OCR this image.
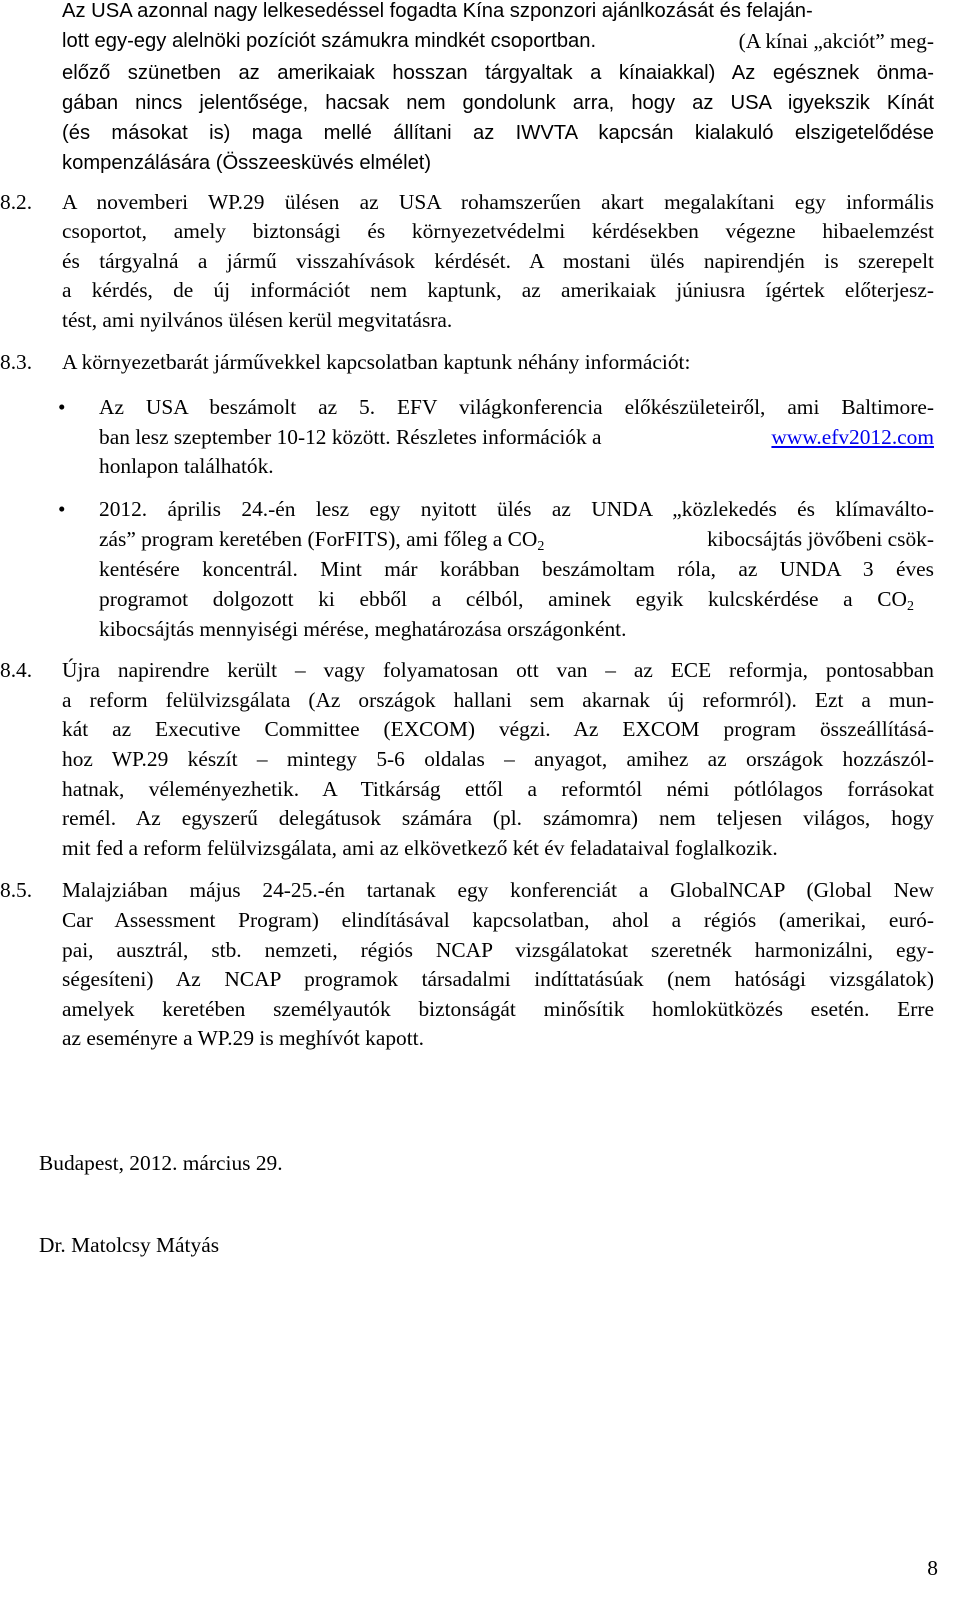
Az USA azonnal nagy lelkesedéssel fogadta Kína szponzori ajánlkozását és felaján-
lott egy-egy alelnöki pozíciót számukra mindkét csoportban.	(A kínai „akciót” meg-
előző szünetben az amerikaiak hosszan tárgyaltak a kínaiakkal) Az egésznek önma-
gában nincs jelentősége, hacsak nem gondolunk arra, hogy az USA igyekszik Kínát
(és másokat is) maga mellé állítani az IWVTA kapcsán kialakuló elszigetelődése
kompenzálására (Összeesküvés elmélet)
8.2. A novemberi WP.29 ülésen az USA rohamszerűen akart megalakítani egy informális
csoportot, amely biztonsági és környezetvédelmi kérdésekben végezne hibaelemzést
és tárgyalná a jármű visszahívások kérdését. A mostani ülés napirendjén is szerepelt
a kérdés, de új információt nem kaptunk, az amerikaiak júniusra ígértek előterjesz-
tést, ami nyilvános ülésen kerül megvitatásra.
8.3. A környezetbarát járművekkel kapcsolatban kaptunk néhány információt:
• Az USA beszámolt az 5. EFV világkonferencia előkészületeiről, ami Baltimore-
ban lesz szeptember 10-12 között. Részletes információk a	www.efv2012.com
honlapon találhatók.
• 2012. április 24.-én lesz egy nyitott ülés az UNDA „közlekedés és klímaválto-
zás” program keretében (ForFITS), ami főleg a $CO_2$	kibocsájtás jövőbeni csök-
kentésére koncentrál. Mint már korábban beszámoltam róla, az UNDA 3 éves
programot dolgozott ki ebből a célból, aminek egyik kulcskérdése a $CO_2$
kibocsájtás mennyiségi mérése, meghatározása országonként.
8.4. Újra napirendre került – vagy folyamatosan ott van – az ECE reformja, pontosabban
a reform felülvizsgálata (Az országok hallani sem akarnak új reformról). Ezt a mun-
kát az Executive Committee (EXCOM) végzi. Az EXCOM program összeállításá-
hoz WP.29 készít – mintegy 5-6 oldalas – anyagot, amihez az országok hozzászól-
hatnak, véleményezhetik. A Titkárság ettől a reformtól némi pótlólagos forrásokat
remél. Az egyszerű delegátusok számára (pl. számomra) nem teljesen világos, hogy
mit fed a reform felülvizsgálata, ami az elkövetkező két év feladataival foglalkozik.
8.5. Malajziában május 24-25.-én tartanak egy konferenciát a GlobalNCAP (Global New
Car Assessment Program) elindításával kapcsolatban, ahol a régiós (amerikai, euró-
pai, ausztrál, stb. nemzeti, régiós NCAP vizsgálatokat szeretnék harmonizálni, egy-
ségesíteni) Az NCAP programok társadalmi indíttatásúak (nem hatósági vizsgálatok)
amelyek keretében személyautók biztonságát minősítik homlokütközés esetén. Erre
az eseményre a WP.29 is meghívót kapott.
Budapest, 2012. március 29.
Dr. Matolcsy Mátyás
8
